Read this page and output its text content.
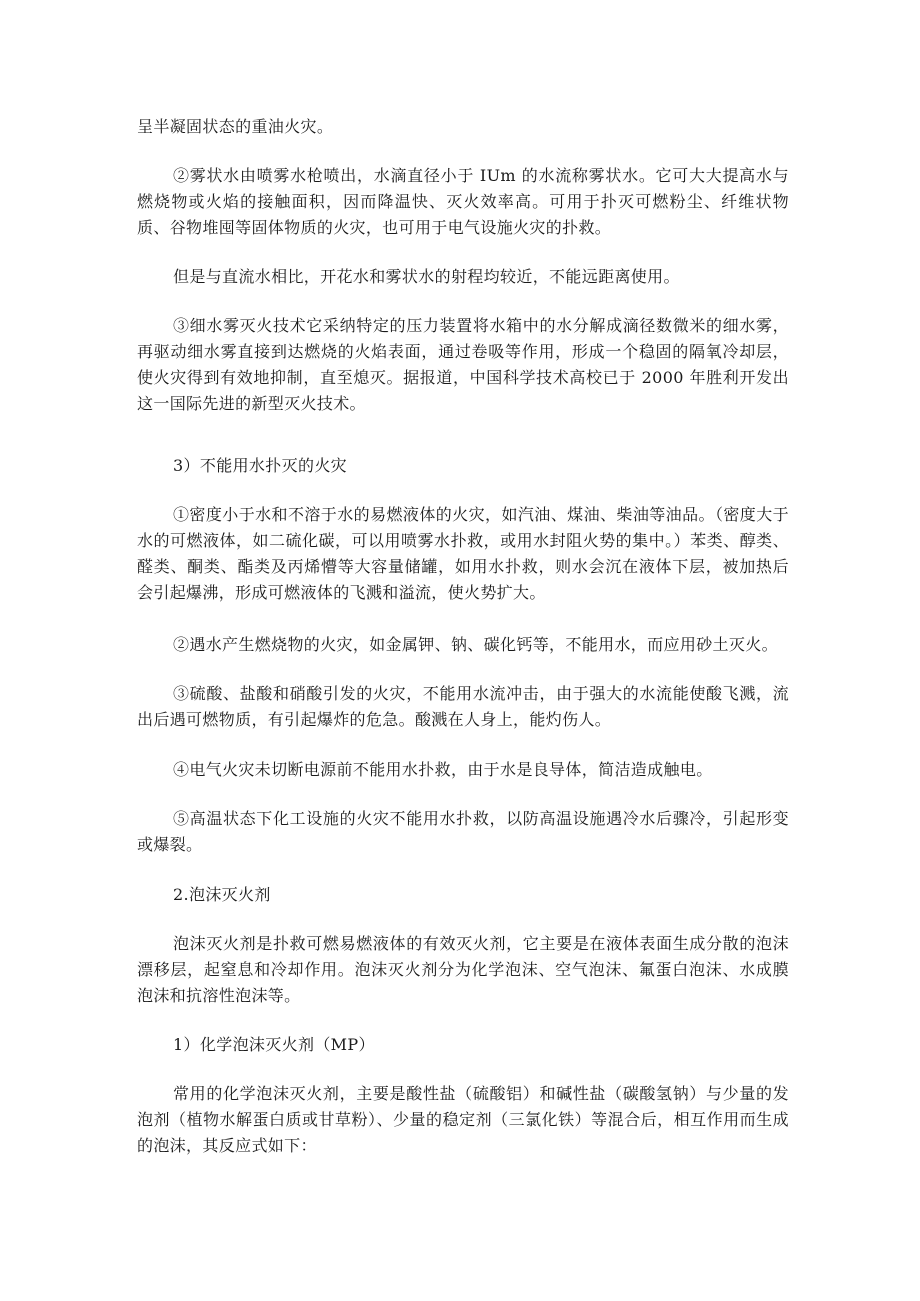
呈半凝固状态的重油火灾。

②雾状水由喷雾水枪喷出，水滴直径小于 IUm 的水流称雾状水。它可大大提高水与燃烧物或火焰的接触面积，因而降温快、灭火效率高。可用于扑灭可燃粉尘、纤维状物质、谷物堆囤等固体物质的火灾，也可用于电气设施火灾的扑救。

但是与直流水相比，开花水和雾状水的射程均较近，不能远距离使用。

③细水雾灭火技术它采纳特定的压力装置将水箱中的水分解成滴径数微米的细水雾，再驱动细水雾直接到达燃烧的火焰表面，通过卷吸等作用，形成一个稳固的隔氧冷却层，使火灾得到有效地抑制，直至熄灭。据报道，中国科学技术高校已于 2000 年胜利开发出这一国际先进的新型灭火技术。

3）不能用水扑灭的火灾

①密度小于水和不溶于水的易燃液体的火灾，如汽油、煤油、柴油等油品。（密度大于水的可燃液体，如二硫化碳，可以用喷雾水扑救，或用水封阻火势的集中。）苯类、醇类、醛类、酮类、酯类及丙烯懵等大容量储罐，如用水扑救，则水会沉在液体下层，被加热后会引起爆沸，形成可燃液体的飞溅和溢流，使火势扩大。

②遇水产生燃烧物的火灾，如金属钾、钠、碳化钙等，不能用水，而应用砂土灭火。

③硫酸、盐酸和硝酸引发的火灾，不能用水流冲击，由于强大的水流能使酸飞溅，流出后遇可燃物质，有引起爆炸的危急。酸溅在人身上，能灼伤人。

④电气火灾未切断电源前不能用水扑救，由于水是良导体，简洁造成触电。

⑤高温状态下化工设施的火灾不能用水扑救，以防高温设施遇冷水后骤冷，引起形变或爆裂。

2.泡沫灭火剂

泡沫灭火剂是扑救可燃易燃液体的有效灭火剂，它主要是在液体表面生成分散的泡沫漂移层，起窒息和冷却作用。泡沫灭火剂分为化学泡沫、空气泡沫、氟蛋白泡沫、水成膜泡沫和抗溶性泡沫等。

1）化学泡沫灭火剂（MP）

常用的化学泡沫灭火剂，主要是酸性盐（硫酸铝）和碱性盐（碳酸氢钠）与少量的发泡剂（植物水解蛋白质或甘草粉）、少量的稳定剂（三氯化铁）等混合后，相互作用而生成的泡沫，其反应式如下：
